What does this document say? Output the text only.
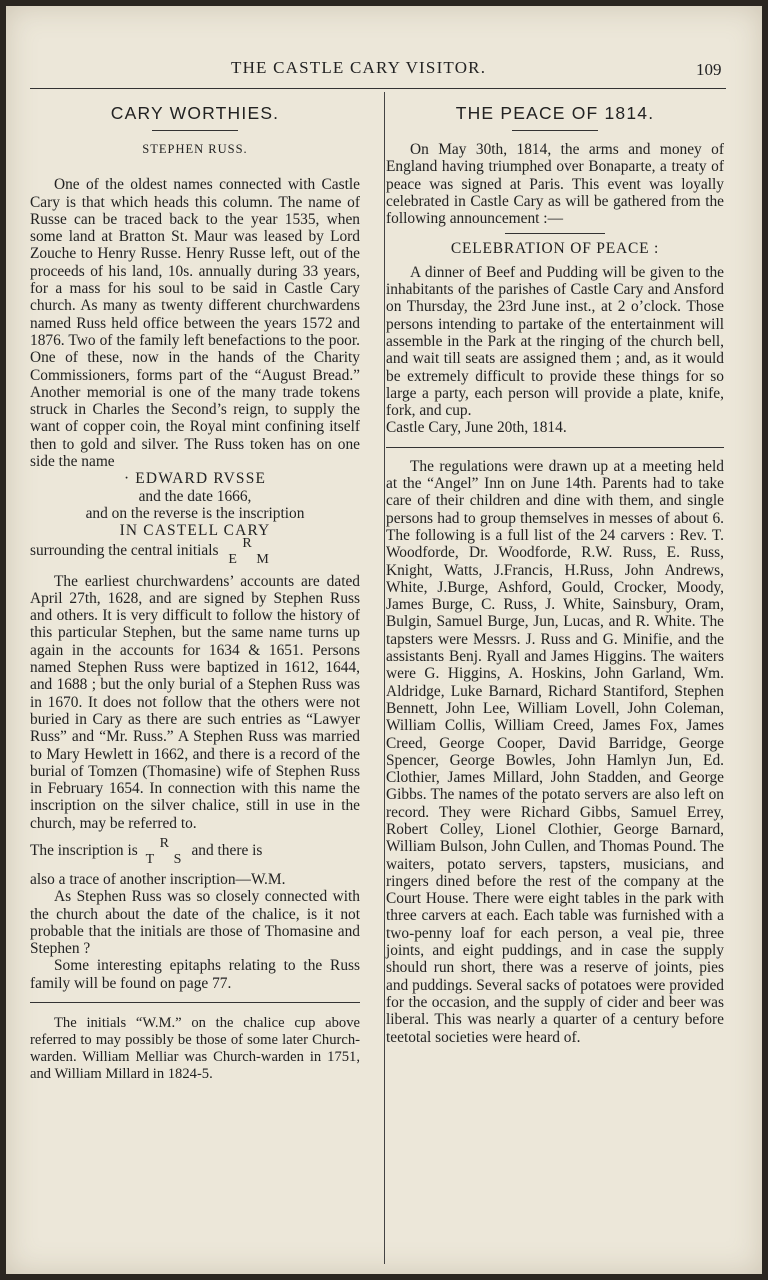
THE CASTLE CARY VISITOR.	109
CARY WORTHIES.
STEPHEN RUSS.

One of the oldest names connected with Castle Cary is that which heads this column. The name of Russe can be traced back to the year 1535, when some land at Bratton St. Maur was leased by Lord Zouche to Henry Russe. Henry Russe left, out of the proceeds of his land, 10s. annually during 33 years, for a mass for his soul to be said in Castle Cary church. As many as twenty different churchwardens named Russ held office between the years 1572 and 1876. Two of the family left benefactions to the poor. One of these, now in the hands of the Charity Commissioners, forms part of the “August Bread.” Another memorial is one of the many trade tokens struck in Charles the Second’s reign, to supply the want of copper coin, the Royal mint confining itself then to gold and silver. The Russ token has on one side the name

· EDWARD RVSSE
and the date 1666,
and on the reverse is the inscription
IN CASTELL CARY
surrounding the central initials R
E M

The earliest churchwardens’ accounts are dated April 27th, 1628, and are signed by Stephen Russ and others. It is very difficult to follow the history of this particular Stephen, but the same name turns up again in the accounts for 1634 & 1651. Persons named Stephen Russ were baptized in 1612, 1644, and 1688 ; but the only burial of a Stephen Russ was in 1670. It does not follow that the others were not buried in Cary as there are such entries as “Lawyer Russ” and “Mr. Russ.” A Stephen Russ was married to Mary Hewlett in 1662, and there is a record of the burial of Tomzen (Thomasine) wife of Stephen Russ in February 1654. In connection with this name the inscription on the silver chalice, still in use in the church, may be referred to.

The inscription is R
T S
and there is
also a trace of another inscription—W.M.

As Stephen Russ was so closely connected with the church about the date of the chalice, is it not probable that the initials are those of Thomasine and Stephen ?

Some interesting epitaphs relating to the Russ family will be found on page 77.

The initials “W.M.” on the chalice cup above referred to may possibly be those of some later Church-warden. William Melliar was Church-warden in 1751, and William Millard in 1824-5.

THE PEACE OF 1814.

On May 30th, 1814, the arms and money of England having triumphed over Bonaparte, a treaty of peace was signed at Paris. This event was loyally celebrated in Castle Cary as will be gathered from the following announcement :—

CELEBRATION OF PEACE :

A dinner of Beef and Pudding will be given to the inhabitants of the parishes of Castle Cary and Ansford on Thursday, the 23rd June inst., at 2 o’clock. Those persons intending to partake of the entertainment will assemble in the Park at the ringing of the church bell, and wait till seats are assigned them ; and, as it would be extremely difficult to provide these things for so large a party, each person will provide a plate, knife, fork, and cup.

Castle Cary, June 20th, 1814.

The regulations were drawn up at a meeting held at the “Angel” Inn on June 14th. Parents had to take care of their children and dine with them, and single persons had to group themselves in messes of about 6. The following is a full list of the 24 carvers : Rev. T. Woodforde, Dr. Woodforde, R.W. Russ, E. Russ, Knight, Watts, J.Francis, H.Russ, John Andrews, White, J.Burge, Ashford, Gould, Crocker, Moody, James Burge, C. Russ, J. White, Sainsbury, Oram, Bulgin, Samuel Burge, Jun, Lucas, and R. White. The tapsters were Messrs. J. Russ and G. Minifie, and the assistants Benj. Ryall and James Higgins. The waiters were G. Higgins, A. Hoskins, John Garland, Wm. Aldridge, Luke Barnard, Richard Stantiford, Stephen Bennett, John Lee, William Lovell, John Coleman, William Collis, William Creed, James Fox, James Creed, George Cooper, David Barridge, George Spencer, George Bowles, John Hamlyn Jun, Ed. Clothier, James Millard, John Stadden, and George Gibbs. The names of the potato servers are also left on record. They were Richard Gibbs, Samuel Errey, Robert Colley, Lionel Clothier, George Barnard, William Bulson, John Cullen, and Thomas Pound. The waiters, potato servers, tapsters, musicians, and ringers dined before the rest of the company at the Court House. There were eight tables in the park with three carvers at each. Each table was furnished with a two-penny loaf for each person, a veal pie, three joints, and eight puddings, and in case the supply should run short, there was a reserve of joints, pies and puddings. Several sacks of potatoes were provided for the occasion, and the supply of cider and beer was liberal. This was nearly a quarter of a century before teetotal societies were heard of.
